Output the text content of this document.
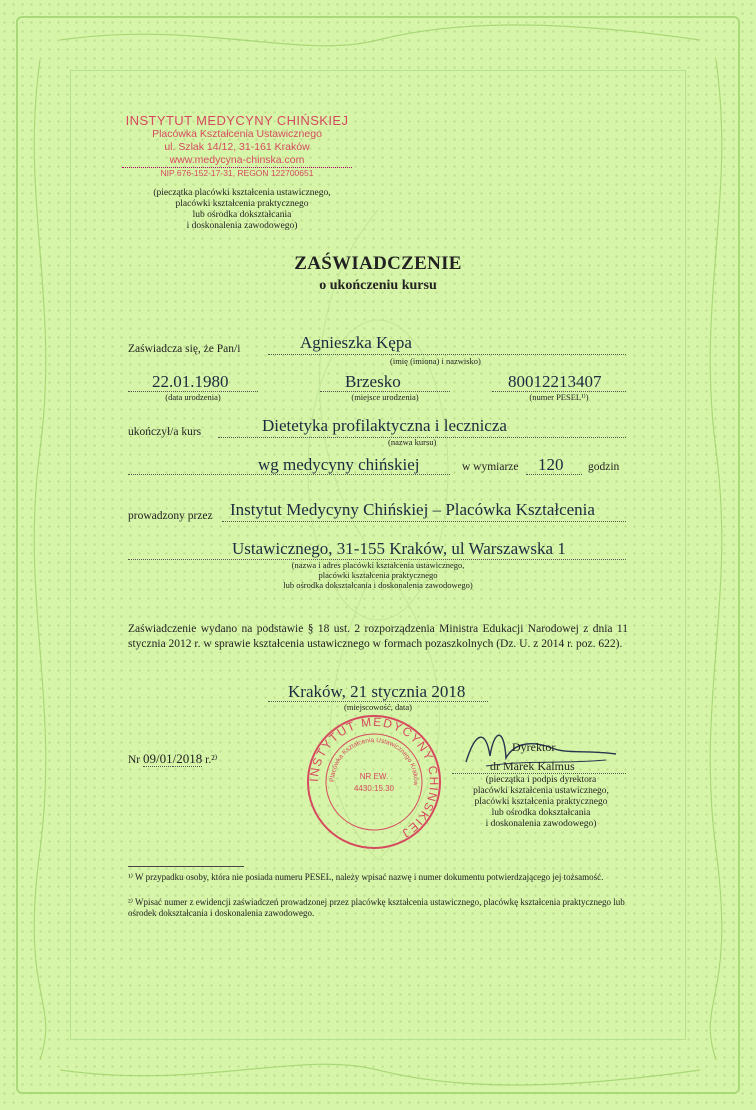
INSTYTUT MEDYCYNY CHIŃSKIEJ
Placówka Kształcenia Ustawicznego
ul. Szlak 14/12, 31-161 Kraków
www.medycyna-chinska.com
NIP 676-152-17-31, REGON 122700651
(pieczątka placówki kształcenia ustawicznego,
placówki kształcenia praktycznego
lub ośrodka dokształcania
i doskonalenia zawodowego)
ZAŚWIADCZENIE
o ukończeniu kursu
Zaświadcza się, że Pan/i	Agnieszka Kępa
(imię (imiona) i nazwisko)
22.01.1980
(data urodzenia)
Brzesko
(miejsce urodzenia)
80012213407
(numer PESEL¹⁾)
ukończył/a kurs	Dietetyka profilaktyczna i lecznicza
(nazwa kursu)
wg medycyny chińskiej	w wymiarze 120 godzin
prowadzony przez Instytut Medycyny Chińskiej – Placówka Kształcenia
Ustawicznego, 31-155 Kraków, ul Warszawska 1
(nazwa i adres placówki kształcenia ustawicznego,
placówki kształcenia praktycznego
lub ośrodka dokształcania i doskonalenia zawodowego)
Zaświadczenie wydano na podstawie § 18 ust. 2 rozporządzenia Ministra Edukacji Narodowej z dnia 11 stycznia 2012 r. w sprawie kształcenia ustawicznego w formach pozaszkolnych (Dz. U. z 2014 r. poz. 622).
Kraków, 21 stycznia 2018
(miejscowość, data)
Nr 09/01/2018 r.²⁾
INSTYTUT MEDYCYNY CHIŃSKIEJ
Placówka Kształcenia Ustawicznego Kraków
NR EW.
4430.15.30
Dyrektor
dr Marek Kalmus
(pieczątka i podpis dyrektora
placówki kształcenia ustawicznego,
placówki kształcenia praktycznego
lub ośrodka dokształcania
i doskonalenia zawodowego)
¹⁾ W przypadku osoby, która nie posiada numeru PESEL, należy wpisać nazwę i numer dokumentu potwierdzającego jej tożsamość.
²⁾ Wpisać numer z ewidencji zaświadczeń prowadzonej przez placówkę kształcenia ustawicznego, placówkę kształcenia praktycznego lub ośrodek dokształcania i doskonalenia zawodowego.
